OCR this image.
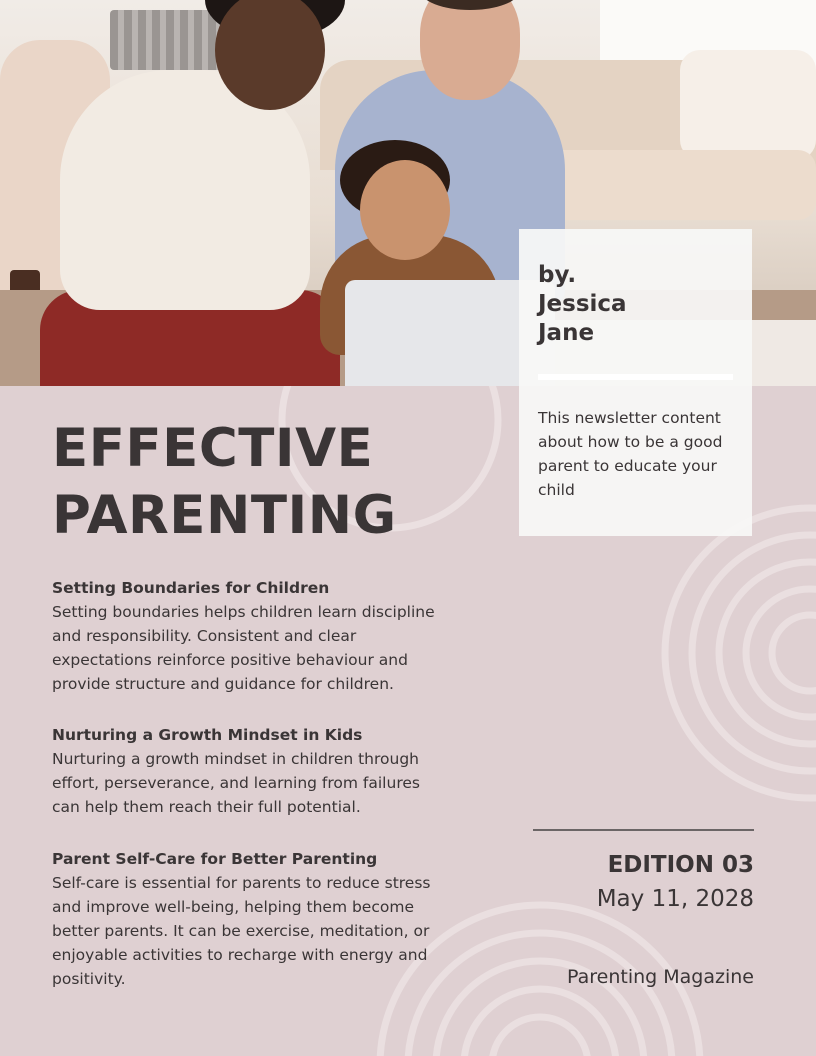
by.
Jessica
Jane
This newsletter content about how to be a good parent to educate your child
EFFECTIVE
PARENTING
Setting Boundaries for Children

Setting boundaries helps children learn discipline and responsibility. Consistent and clear expectations reinforce positive behaviour and provide structure and guidance for children.

Nurturing a Growth Mindset in Kids

Nurturing a growth mindset in children through effort, perseverance, and learning from failures can help them reach their full potential.

Parent Self-Care for Better Parenting

Self-care is essential for parents to reduce stress and improve well-being, helping them become better parents. It can be exercise, meditation, or enjoyable activities to recharge with energy and positivity.

EDITION 03
May 11, 2028
Parenting Magazine
